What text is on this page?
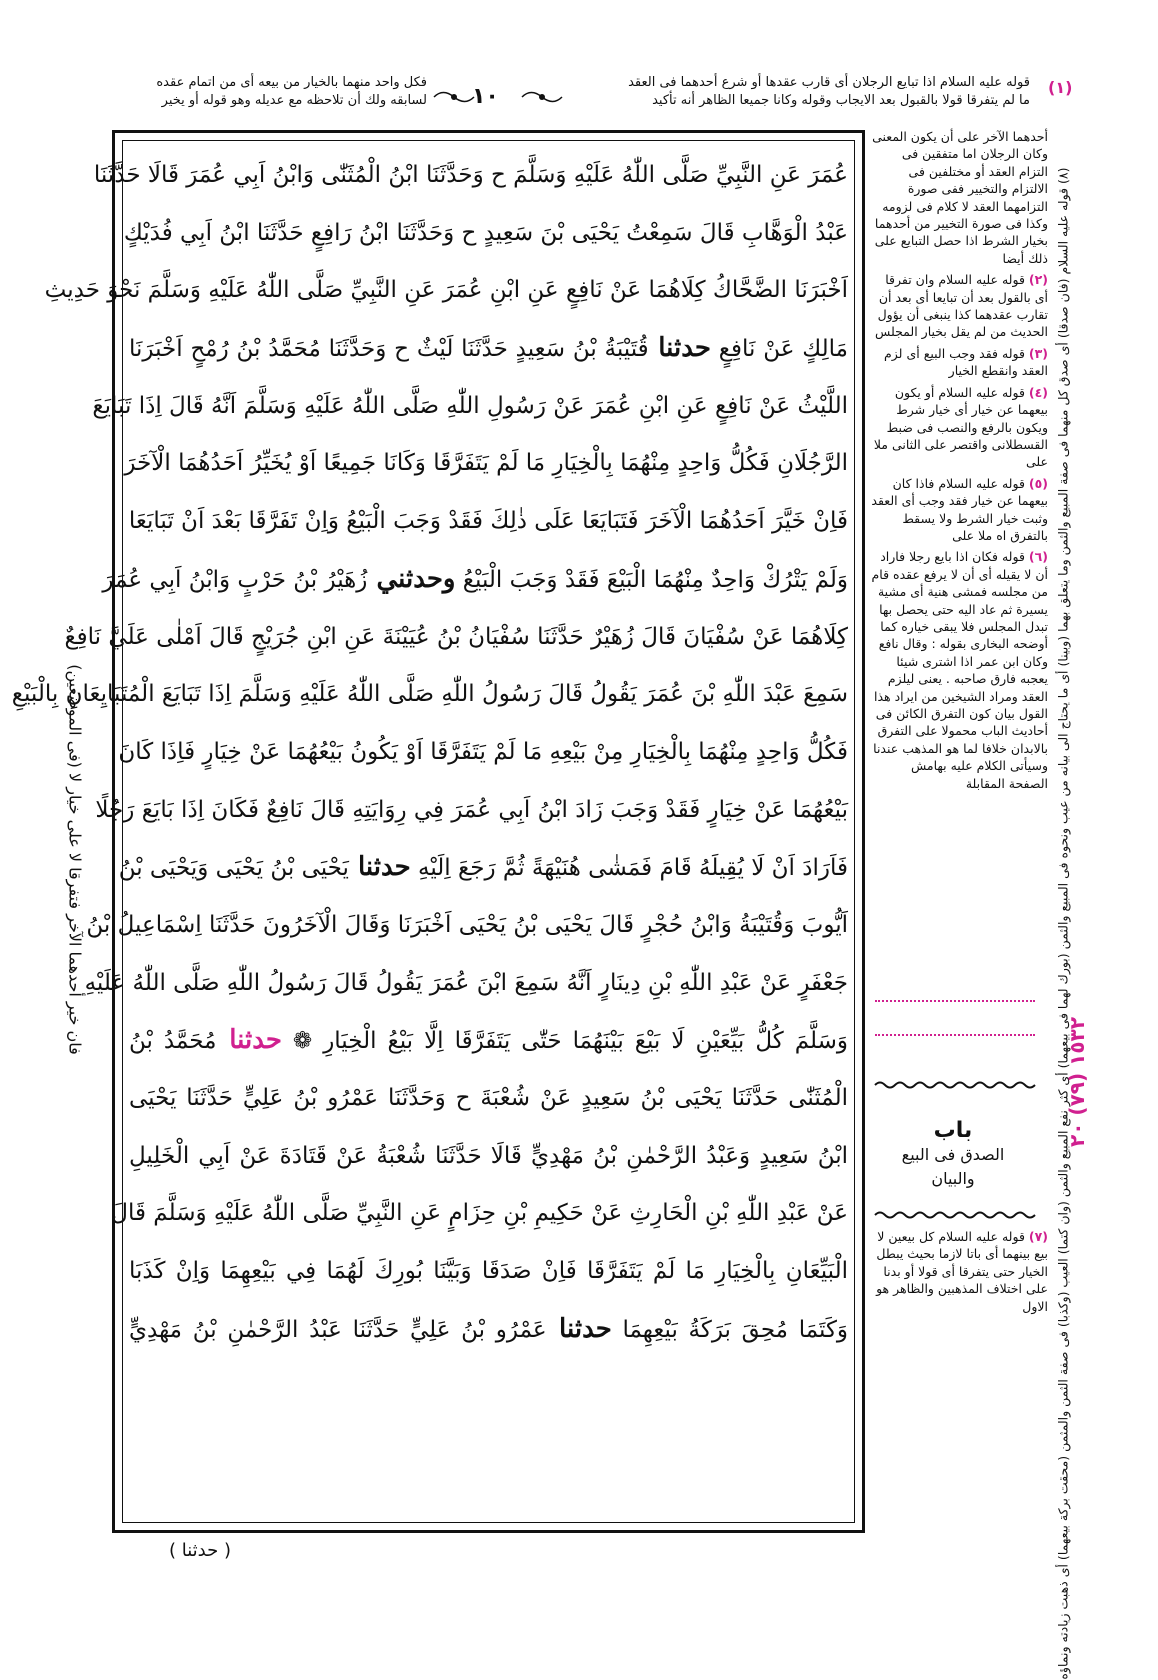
قوله عليه السلام اذا تبايع الرجلان أى قارب عقدها أو شرع أحدهما فى العقد
ما لم يتفرقا قولا بالقبول بعد الايجاب وقوله وكانا جميعا الظاهر أنه تأكيد
(١)
١٠
فكل واحد منهما بالخيار من بيعه أى من اتمام عقده
لسابقه ولك أن تلاحظه مع عديله وهو قوله أو يخير
عُمَرَ عَنِ النَّبِيِّ صَلَّى اللّٰهُ عَلَيْهِ وَسَلَّمَ ح وَحَدَّثَنَا ابْنُ الْمُثَنّٰى وَابْنُ اَبِي عُمَرَ قَالَا حَدَّثَنَا
عَبْدُ الْوَهَّابِ قَالَ سَمِعْتُ يَحْيَى بْنَ سَعِيدٍ ح وَحَدَّثَنَا ابْنُ رَافِعٍ حَدَّثَنَا ابْنُ اَبِي فُدَيْكٍ
اَخْبَرَنَا الضَّحَّاكُ كِلَاهُمَا عَنْ نَافِعٍ عَنِ ابْنِ عُمَرَ عَنِ النَّبِيِّ صَلَّى اللّٰهُ عَلَيْهِ وَسَلَّمَ نَحْوَ حَدِيثِ
مَالِكٍ عَنْ نَافِعٍ حدثنا قُتَيْبَةُ بْنُ سَعِيدٍ حَدَّثَنَا لَيْثٌ ح وَحَدَّثَنَا مُحَمَّدُ بْنُ رُمْحٍ اَخْبَرَنَا
اللَّيْثُ عَنْ نَافِعٍ عَنِ ابْنِ عُمَرَ عَنْ رَسُولِ اللّٰهِ صَلَّى اللّٰهُ عَلَيْهِ وَسَلَّمَ اَنَّهُ قَالَ اِذَا تَبَايَعَ
الرَّجُلَانِ فَكُلُّ وَاحِدٍ مِنْهُمَا بِالْخِيَارِ مَا لَمْ يَتَفَرَّقَا وَكَانَا جَمِيعًا اَوْ يُخَيِّرُ اَحَدُهُمَا الْآخَرَ
فَاِنْ خَيَّرَ اَحَدُهُمَا الْآخَرَ فَتَبَايَعَا عَلَى ذٰلِكَ فَقَدْ وَجَبَ الْبَيْعُ وَاِنْ تَفَرَّقَا بَعْدَ اَنْ تَبَايَعَا
وَلَمْ يَتْرُكْ وَاحِدٌ مِنْهُمَا الْبَيْعَ فَقَدْ وَجَبَ الْبَيْعُ وحدثني زُهَيْرُ بْنُ حَرْبٍ وَابْنُ اَبِي عُمَرَ
كِلَاهُمَا عَنْ سُفْيَانَ قَالَ زُهَيْرٌ حَدَّثَنَا سُفْيَانُ بْنُ عُيَيْنَةَ عَنِ ابْنِ جُرَيْجٍ قَالَ اَمْلٰى عَلَيَّ نَافِعٌ
سَمِعَ عَبْدَ اللّٰهِ بْنَ عُمَرَ يَقُولُ قَالَ رَسُولُ اللّٰهِ صَلَّى اللّٰهُ عَلَيْهِ وَسَلَّمَ اِذَا تَبَايَعَ الْمُتَبَايِعَانِ بِالْبَيْعِ
فَكُلُّ وَاحِدٍ مِنْهُمَا بِالْخِيَارِ مِنْ بَيْعِهِ مَا لَمْ يَتَفَرَّقَا اَوْ يَكُونُ بَيْعُهُمَا عَنْ خِيَارٍ فَاِذَا كَانَ
بَيْعُهُمَا عَنْ خِيَارٍ فَقَدْ وَجَبَ زَادَ ابْنُ اَبِي عُمَرَ فِي رِوَايَتِهِ قَالَ نَافِعٌ فَكَانَ اِذَا بَايَعَ رَجُلًا
فَاَرَادَ اَنْ لَا يُقِيلَهُ قَامَ فَمَشٰى هُنَيْهَةً ثُمَّ رَجَعَ اِلَيْهِ حدثنا يَحْيَى بْنُ يَحْيَى وَيَحْيَى بْنُ
اَيُّوبَ وَقُتَيْبَةُ وَابْنُ حُجْرٍ قَالَ يَحْيَى بْنُ يَحْيَى اَخْبَرَنَا وَقَالَ الْآخَرُونَ حَدَّثَنَا اِسْمَاعِيلُ بْنُ
جَعْفَرٍ عَنْ عَبْدِ اللّٰهِ بْنِ دِينَارٍ اَنَّهُ سَمِعَ ابْنَ عُمَرَ يَقُولُ قَالَ رَسُولُ اللّٰهِ صَلَّى اللّٰهُ عَلَيْهِ
وَسَلَّمَ كُلُّ بَيِّعَيْنِ لَا بَيْعَ بَيْنَهُمَا حَتّٰى يَتَفَرَّقَا اِلَّا بَيْعُ الْخِيَارِ ❁ حدثنا مُحَمَّدُ بْنُ
الْمُثَنّٰى حَدَّثَنَا يَحْيَى بْنُ سَعِيدٍ عَنْ شُعْبَةَ ح وَحَدَّثَنَا عَمْرُو بْنُ عَلِيٍّ حَدَّثَنَا يَحْيَى
ابْنُ سَعِيدٍ وَعَبْدُ الرَّحْمٰنِ بْنُ مَهْدِيٍّ قَالَا حَدَّثَنَا شُعْبَةُ عَنْ قَتَادَةَ عَنْ اَبِي الْخَلِيلِ
عَنْ عَبْدِ اللّٰهِ بْنِ الْحَارِثِ عَنْ حَكِيمِ بْنِ حِزَامٍ عَنِ النَّبِيِّ صَلَّى اللّٰهُ عَلَيْهِ وَسَلَّمَ قَالَ
الْبَيِّعَانِ بِالْخِيَارِ مَا لَمْ يَتَفَرَّقَا فَاِنْ صَدَقَا وَبَيَّنَا بُورِكَ لَهُمَا فِي بَيْعِهِمَا وَاِنْ كَذَبَا
وَكَتَمَا مُحِقَ بَرَكَةُ بَيْعِهِمَا حدثنا عَمْرُو بْنُ عَلِيٍّ حَدَّثَنَا عَبْدُ الرَّحْمٰنِ بْنُ مَهْدِيٍّ
أحدهما الآخر على أن يكون المعنى وكان الرجلان اما متفقين فى التزام العقد أو مختلفين فى الالتزام والتخيير ففى صورة التزامهما العقد لا كلام فى لزومه وكذا فى صورة التخيير من أحدهما بخيار الشرط اذا حصل التبايع على ذلك أيضا
(٢) قوله عليه السلام وان تفرقا أى بالقول بعد أن تبايعا أى بعد أن تقارب عقدهما كذا ينبغى أن يؤول الحديث من لم يقل بخيار المجلس
(٣) قوله فقد وجب البيع أى لزم العقد وانقطع الخيار
(٤) قوله عليه السلام أو يكون بيعهما عن خيار أى خيار شرط ويكون بالرفع والنصب فى ضبط القسطلانى واقتصر على الثانى ملا على
(٥) قوله عليه السلام فاذا كان بيعهما عن خيار فقد وجب أى العقد وثبت خيار الشرط ولا يسقط بالتفرق اه ملا على
(٦) قوله فكان اذا بايع رجلا فاراد أن لا يقيله أى أن لا يرفع عقده قام من مجلسه فمشى هنية أى مشية يسيرة ثم عاد اليه حتى يحصل بها تبدل المجلس فلا يبقى خياره كما أوضحه البخارى بقوله : وقال نافع وكان ابن عمر اذا اشترى شيئا يعجبه فارق صاحبه . يعنى ليلزم العقد ومراد الشيخين من ايراد هذا القول بيان كون التفرق الكائن فى أحاديث الباب محمولا على التفرق بالابدان خلافا لما هو المذهب عندنا وسيأتى الكلام عليه بهامش الصفحة المقابلة
باب
الصدق فى البيع والبيان
(٧) قوله عليه السلام كل بيعين لا بيع بينهما أى باتا لازما بحيث يبطل الخيار حتى يتفرقا أى قولا أو بدنا على اختلاف المذهبين والظاهر هو الاول (٨) قوله عليه السلام (فان صدقا) أى صدق كل منهما فى صفة المبيع والثمن وما يتعلق بهما (وبينا) أى ما يحتاج الى بيانه من عيب ونحوه فى المبيع والثمن (بورك لهما فى بيعهما) أى كثر نفع المبيع والثمن (وان كتما) العيب (وكذبا) فى صفة الثمن والمثمن (محقت بركة بيعهما) أى ذهبت زيادته ونماؤه
١٥٣٢ (٧٩) ٢٠
فان خير أحدهما الآخر فتفرقا لا على خيار لا (فى الموضعين)
( حدثنا )
